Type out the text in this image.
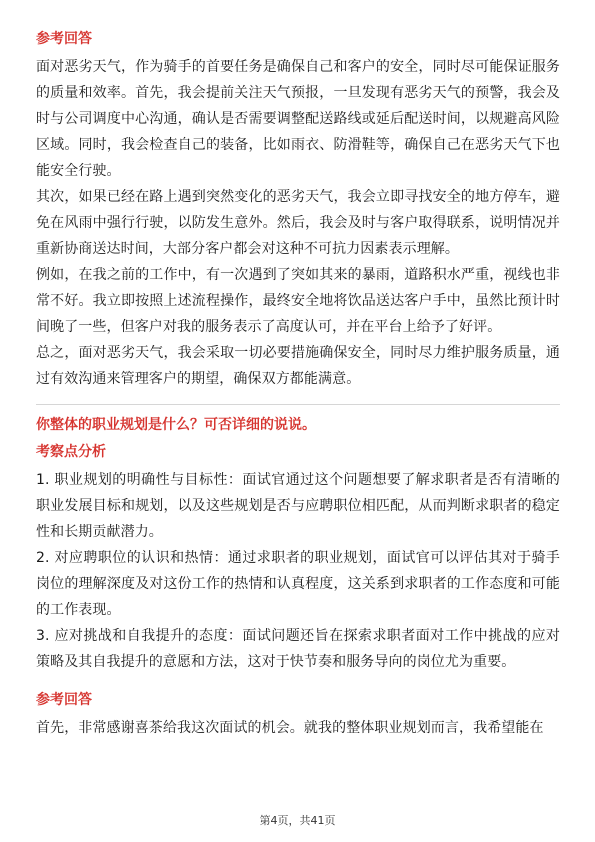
参考回答

面对恶劣天气，作为骑手的首要任务是确保自己和客户的安全，同时尽可能保证服务的质量和效率。首先，我会提前关注天气预报，一旦发现有恶劣天气的预警，我会及时与公司调度中心沟通，确认是否需要调整配送路线或延后配送时间，以规避高风险区域。同时，我会检查自己的装备，比如雨衣、防滑鞋等，确保自己在恶劣天气下也能安全行驶。

其次，如果已经在路上遇到突然变化的恶劣天气，我会立即寻找安全的地方停车，避免在风雨中强行行驶，以防发生意外。然后，我会及时与客户取得联系，说明情况并重新协商送达时间，大部分客户都会对这种不可抗力因素表示理解。

例如，在我之前的工作中，有一次遇到了突如其来的暴雨，道路积水严重，视线也非常不好。我立即按照上述流程操作，最终安全地将饮品送达客户手中，虽然比预计时间晚了一些，但客户对我的服务表示了高度认可，并在平台上给予了好评。

总之，面对恶劣天气，我会采取一切必要措施确保安全，同时尽力维护服务质量，通过有效沟通来管理客户的期望，确保双方都能满意。

你整体的职业规划是什么？可否详细的说说。

考察点分析

1. 职业规划的明确性与目标性：面试官通过这个问题想要了解求职者是否有清晰的职业发展目标和规划，以及这些规划是否与应聘职位相匹配，从而判断求职者的稳定性和长期贡献潜力。

2. 对应聘职位的认识和热情：通过求职者的职业规划，面试官可以评估其对于骑手岗位的理解深度及对这份工作的热情和认真程度，这关系到求职者的工作态度和可能的工作表现。

3. 应对挑战和自我提升的态度：面试问题还旨在探索求职者面对工作中挑战的应对策略及其自我提升的意愿和方法，这对于快节奏和服务导向的岗位尤为重要。

参考回答

首先，非常感谢喜茶给我这次面试的机会。就我的整体职业规划而言，我希望能在

第4页，共41页
